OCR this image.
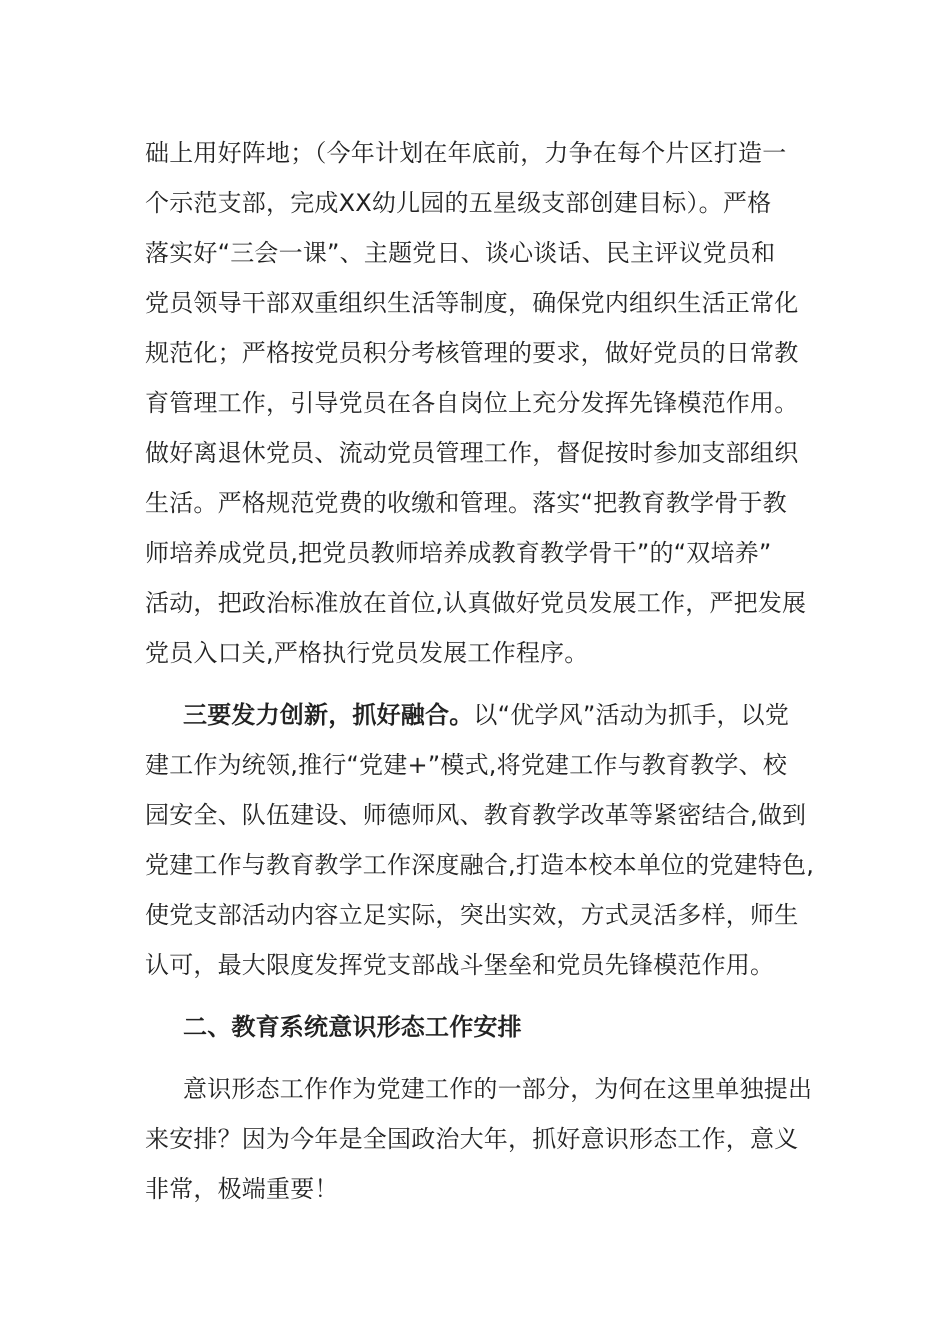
础上用好阵地；（今年计划在年底前，力争在每个片区打造一
个示范支部，完成XX幼儿园的五星级支部创建目标）。严格
落实好“三会一课”、主题党日、谈心谈话、民主评议党员和
党员领导干部双重组织生活等制度，确保党内组织生活正常化
规范化；严格按党员积分考核管理的要求，做好党员的日常教
育管理工作，引导党员在各自岗位上充分发挥先锋模范作用。
做好离退休党员、流动党员管理工作，督促按时参加支部组织
生活。严格规范党费的收缴和管理。落实“把教育教学骨于教
师培养成党员,把党员教师培养成教育教学骨干”的“双培养”
活动，把政治标准放在首位,认真做好党员发展工作，严把发展
党员入口关,严格执行党员发展工作程序。
三要发力创新，抓好融合。以“优学风”活动为抓手，以党
建工作为统领,推行“党建+”模式,将党建工作与教育教学、校
园安全、队伍建设、师德师风、教育教学改革等紧密结合,做到
党建工作与教育教学工作深度融合,打造本校本单位的党建特色,
使党支部活动内容立足实际，突出实效，方式灵活多样，师生
认可，最大限度发挥党支部战斗堡垒和党员先锋模范作用。
二、教育系统意识形态工作安排
意识形态工作作为党建工作的一部分，为何在这里单独提出
来安排？因为今年是全国政治大年，抓好意识形态工作，意义
非常，极端重要！
